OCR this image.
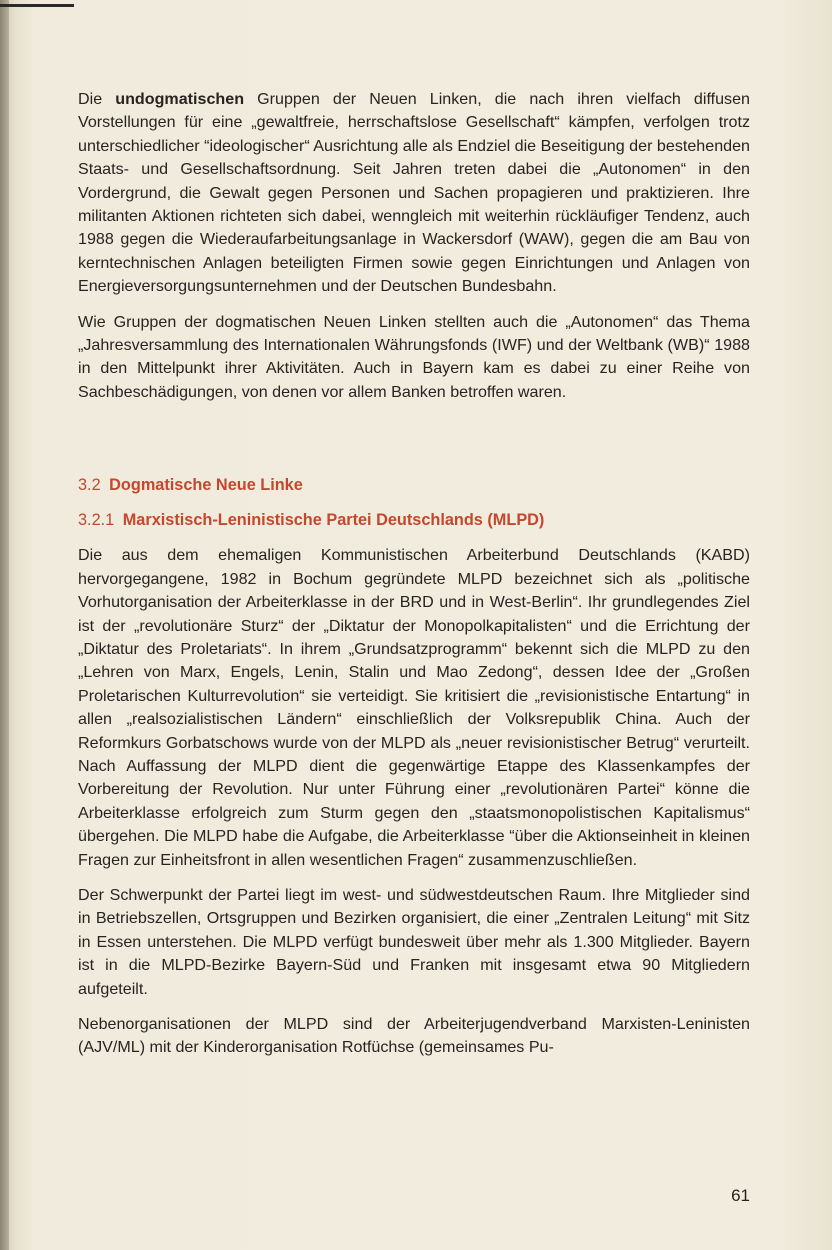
Die undogmatischen Gruppen der Neuen Linken, die nach ihren vielfach diffusen Vorstellungen für eine „gewaltfreie, herrschaftslose Gesellschaft“ kämpfen, verfolgen trotz unterschiedlicher “ideologischer“ Ausrichtung alle als Endziel die Beseitigung der bestehenden Staats- und Gesellschaftsordnung. Seit Jahren treten dabei die „Autonomen“ in den Vordergrund, die Gewalt gegen Personen und Sachen propagieren und praktizieren. Ihre militanten Aktionen richteten sich dabei, wenngleich mit weiterhin rückläufiger Tendenz, auch 1988 gegen die Wiederaufarbeitungsanlage in Wackersdorf (WAW), gegen die am Bau von kerntechnischen Anlagen beteiligten Firmen sowie gegen Einrichtungen und Anlagen von Energieversorgungsunternehmen und der Deutschen Bundesbahn.

Wie Gruppen der dogmatischen Neuen Linken stellten auch die „Autonomen“ das Thema „Jahresversammlung des Internationalen Währungsfonds (IWF) und der Weltbank (WB)“ 1988 in den Mittelpunkt ihrer Aktivitäten. Auch in Bayern kam es dabei zu einer Reihe von Sachbeschädigungen, von denen vor allem Banken betroffen waren.

3.2 Dogmatische Neue Linke
3.2.1 Marxistisch-Leninistische Partei Deutschlands (MLPD)

Die aus dem ehemaligen Kommunistischen Arbeiterbund Deutschlands (KABD) hervorgegangene, 1982 in Bochum gegründete MLPD bezeichnet sich als „politische Vorhutorganisation der Arbeiterklasse in der BRD und in West-Berlin“. Ihr grundlegendes Ziel ist der „revolutionäre Sturz“ der „Diktatur der Monopolkapitalisten“ und die Errichtung der „Diktatur des Proletariats“. In ihrem „Grundsatzprogramm“ bekennt sich die MLPD zu den „Lehren von Marx, Engels, Lenin, Stalin und Mao Zedong“, dessen Idee der „Großen Proletarischen Kulturrevolution“ sie verteidigt. Sie kritisiert die „revisionistische Entartung“ in allen „realsozialistischen Ländern“ einschließlich der Volksrepublik China. Auch der Reformkurs Gorbatschows wurde von der MLPD als „neuer revisionistischer Betrug“ verurteilt. Nach Auffassung der MLPD dient die gegenwärtige Etappe des Klassenkampfes der Vorbereitung der Revolution. Nur unter Führung einer „revolutionären Partei“ könne die Arbeiterklasse erfolgreich zum Sturm gegen den „staatsmonopolistischen Kapitalismus“ übergehen. Die MLPD habe die Aufgabe, die Arbeiterklasse “über die Aktionseinheit in kleinen Fragen zur Einheitsfront in allen wesentlichen Fragen“ zusammenzuschließen.

Der Schwerpunkt der Partei liegt im west- und südwestdeutschen Raum. Ihre Mitglieder sind in Betriebszellen, Ortsgruppen und Bezirken organisiert, die einer „Zentralen Leitung“ mit Sitz in Essen unterstehen. Die MLPD verfügt bundesweit über mehr als 1.300 Mitglieder. Bayern ist in die MLPD-Bezirke Bayern-Süd und Franken mit insgesamt etwa 90 Mitgliedern aufgeteilt.

Nebenorganisationen der MLPD sind der Arbeiterjugendverband Marxisten-Leninisten (AJV/ML) mit der Kinderorganisation Rotfüchse (gemeinsames Pu-

61
